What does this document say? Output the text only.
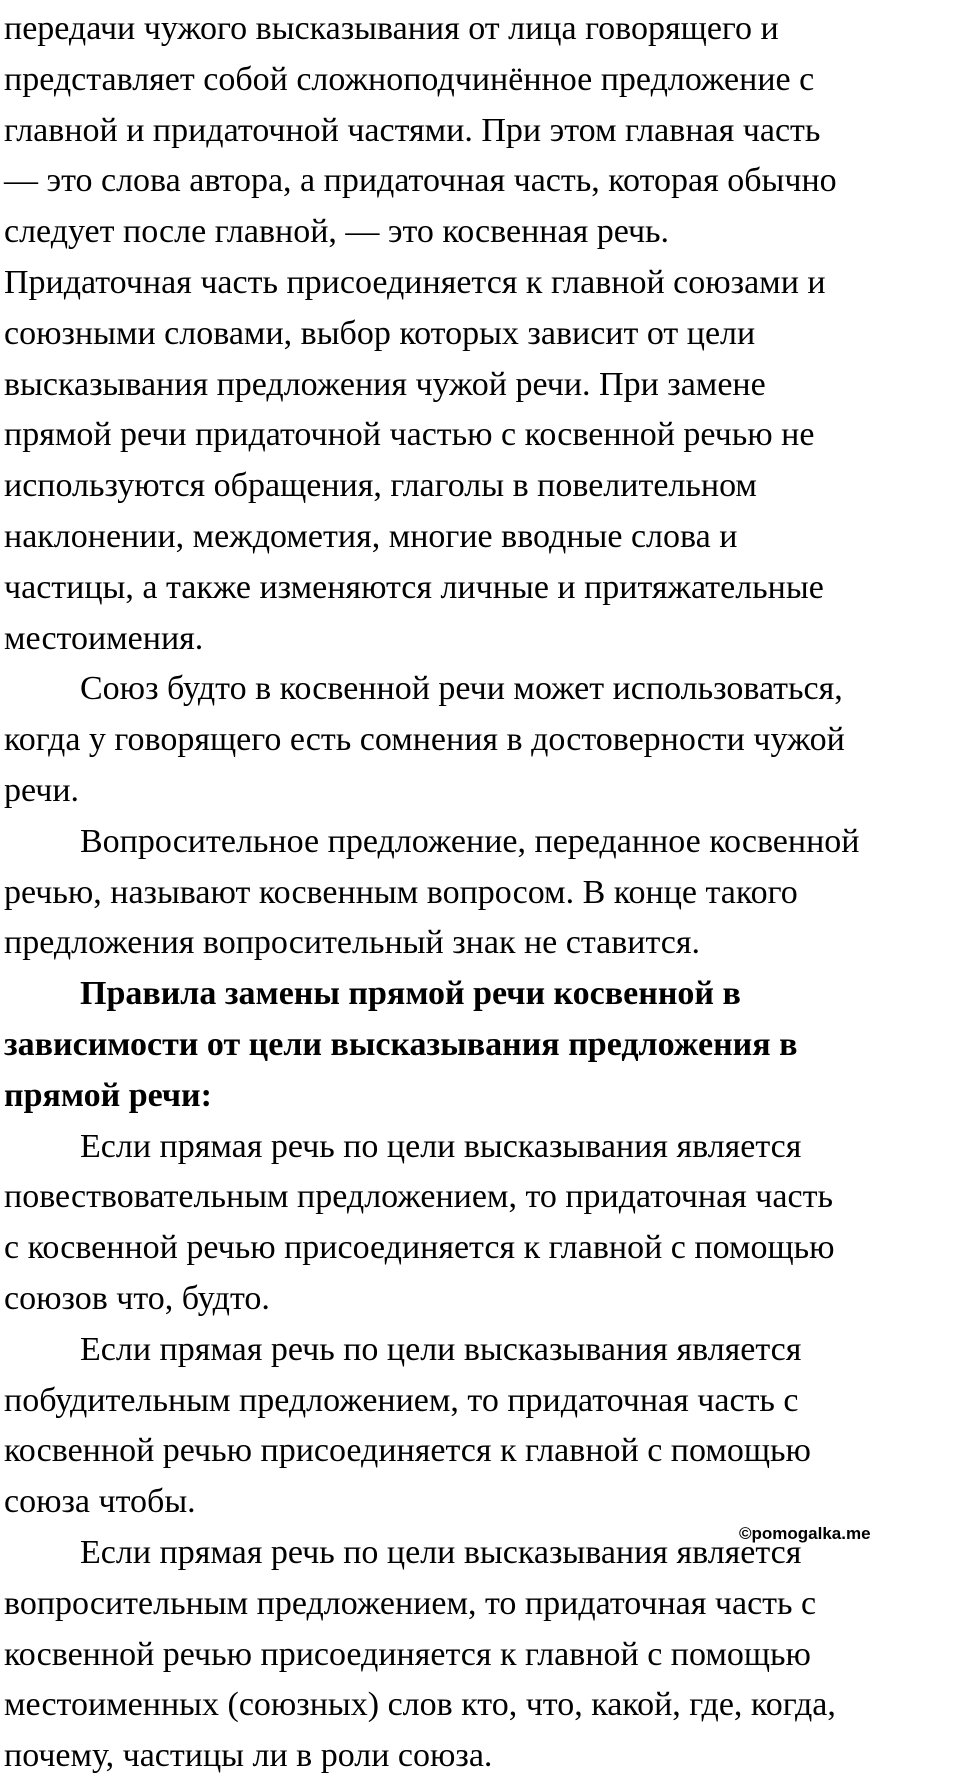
передачи чужого высказывания от лица говорящего и
представляет собой сложноподчинённое предложение с
главной и придаточной частями. При этом главная часть
— это слова автора, а придаточная часть, которая обычно
следует после главной, — это косвенная речь.
Придаточная часть присоединяется к главной союзами и
союзными словами, выбор которых зависит от цели
высказывания предложения чужой речи. При замене
прямой речи придаточной частью с косвенной речью не
используются обращения, глаголы в повелительном
наклонении, междометия, многие вводные слова и
частицы, а также изменяются личные и притяжательные
местоимения.

Союз будто в косвенной речи может использоваться,
когда у говорящего есть сомнения в достоверности чужой
речи.

Вопросительное предложение, переданное косвенной
речью, называют косвенным вопросом. В конце такого
предложения вопросительный знак не ставится.

Правила замены прямой речи косвенной в
зависимости от цели высказывания предложения в
прямой речи:

Если прямая речь по цели высказывания является
повествовательным предложением, то придаточная часть
с косвенной речью присоединяется к главной с помощью
союзов что, будто.

Если прямая речь по цели высказывания является
побудительным предложением, то придаточная часть с
косвенной речью присоединяется к главной с помощью
союза чтобы.

Если прямая речь по цели высказывания является
вопросительным предложением, то придаточная часть с
косвенной речью присоединяется к главной с помощью
местоименных (союзных) слов кто, что, какой, где, когда,
почему, частицы ли в роли союза.

©pomogalka.me
